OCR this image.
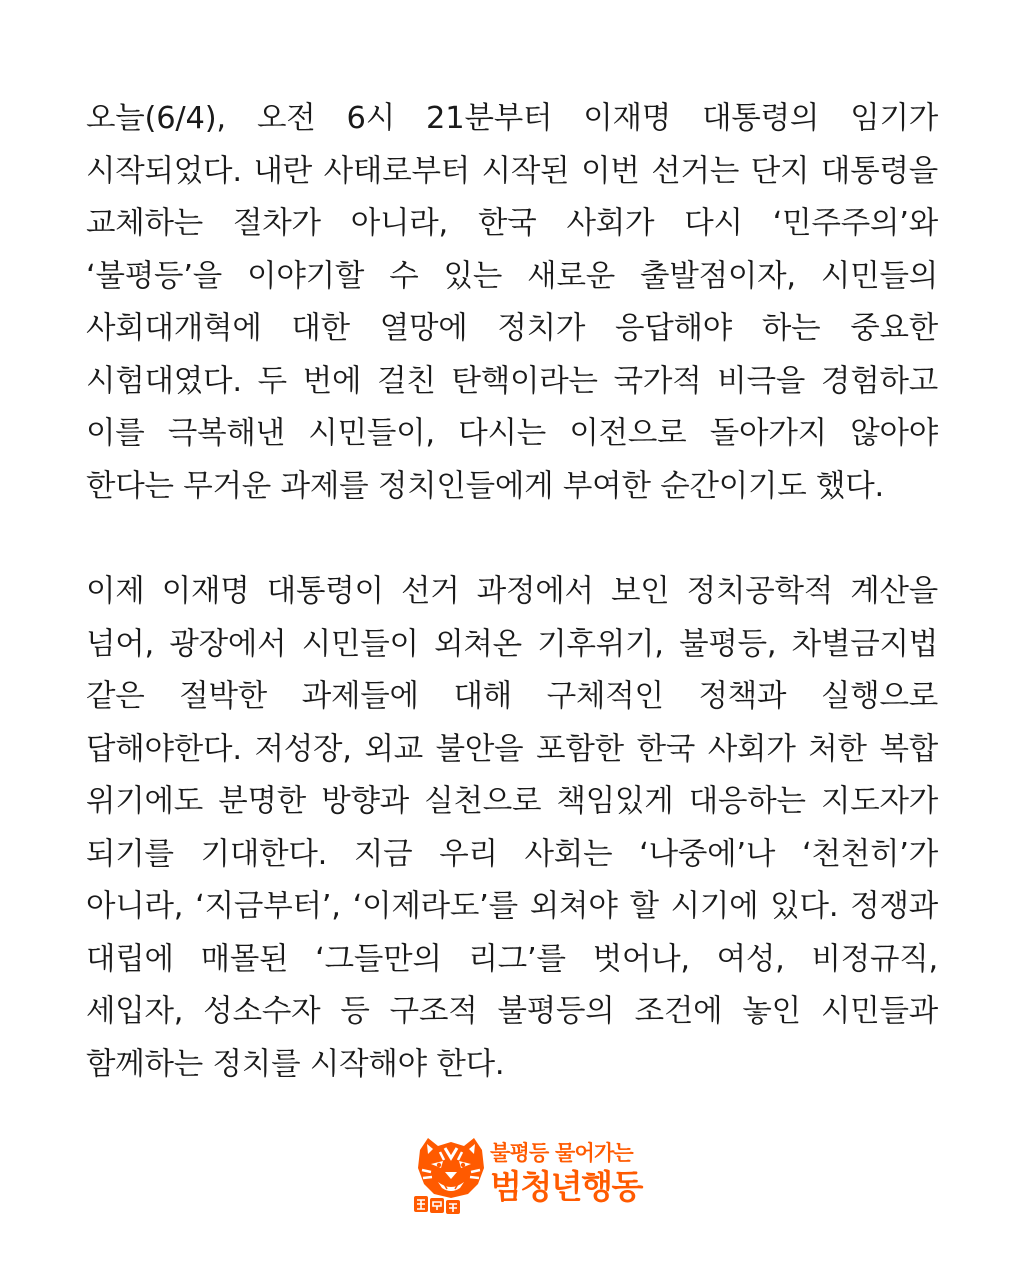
오늘(6/4), 오전 6시 21분부터 이재명 대통령의 임기가 시작되었다. 내란 사태로부터 시작된 이번 선거는 단지 대통령을 교체하는 절차가 아니라, 한국 사회가 다시 ‘민주주의’와 ‘불평등’을 이야기할 수 있는 새로운 출발점이자, 시민들의 사회대개혁에 대한 열망에 정치가 응답해야 하는 중요한 시험대였다. 두 번에 걸친 탄핵이라는 국가적 비극을 경험하고 이를 극복해낸 시민들이, 다시는 이전으로 돌아가지 않아야 한다는 무거운 과제를 정치인들에게 부여한 순간이기도 했다.

이제 이재명 대통령이 선거 과정에서 보인 정치공학적 계산을 넘어, 광장에서 시민들이 외쳐온 기후위기, 불평등, 차별금지법 같은 절박한 과제들에 대해 구체적인 정책과 실행으로 답해야한다. 저성장, 외교 불안을 포함한 한국 사회가 처한 복합 위기에도 분명한 방향과 실천으로 책임있게 대응하는 지도자가 되기를 기대한다. 지금 우리 사회는 ‘나중에’나 ‘천천히’가 아니라, ‘지금부터’, ‘이제라도’를 외쳐야 할 시기에 있다. 정쟁과 대립에 매몰된 ‘그들만의 리그’를 벗어나, 여성, 비정규직, 세입자, 성소수자 등 구조적 불평등의 조건에 놓인 시민들과 함께하는 정치를 시작해야 한다.

불평등 물어가는
범청년행동
